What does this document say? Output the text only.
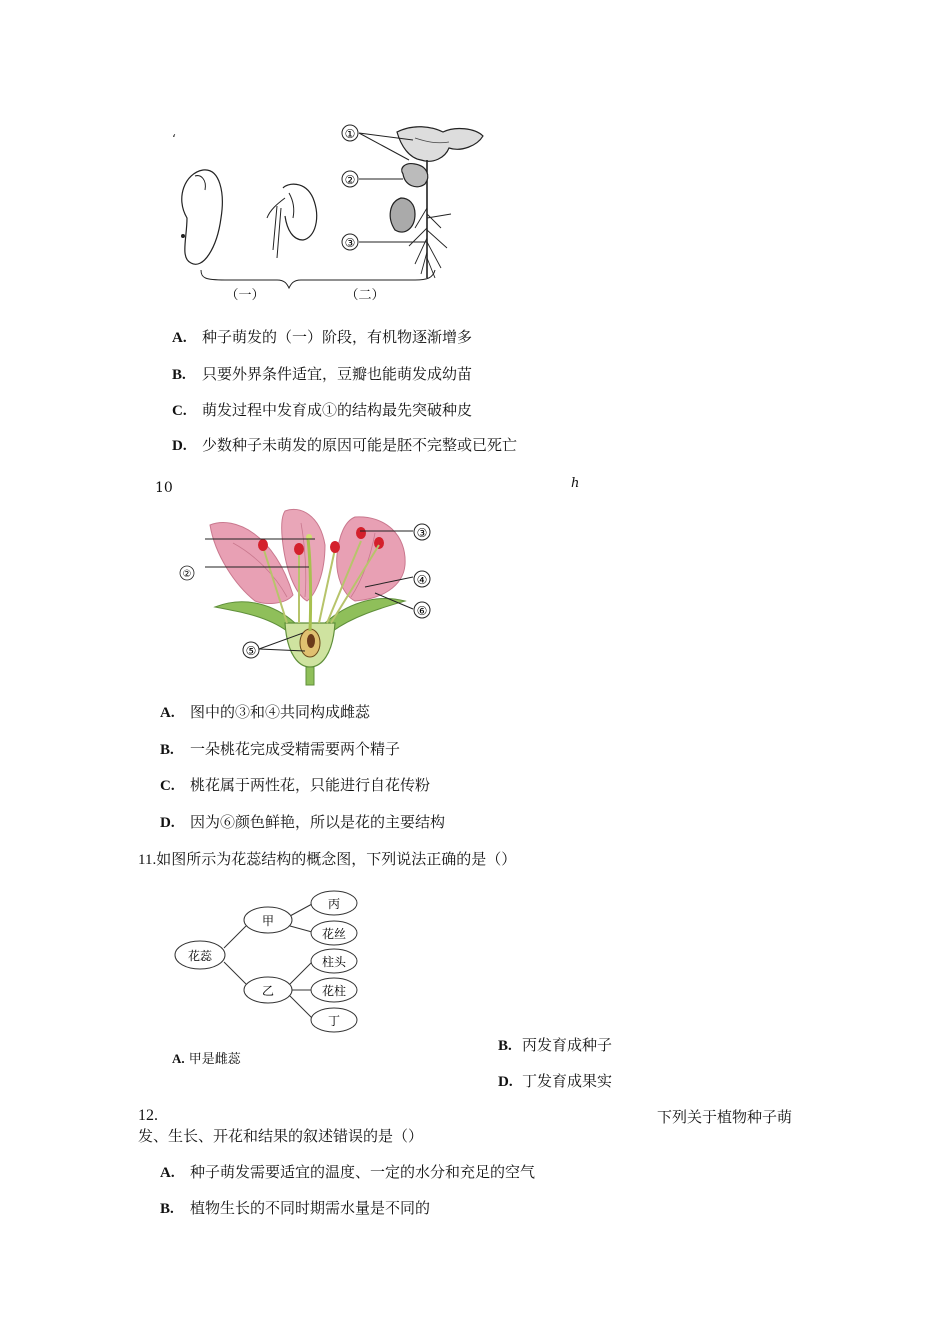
ʻ	①
②
③
（一）	（二）
A. 种子萌发的（一）阶段，有机物逐渐增多
B. 只要外界条件适宜，豆瓣也能萌发成幼苗
C. 萌发过程中发育成①的结构最先突破种皮
D. 少数种子未萌发的原因可能是胚不完整或已死亡
10	h
②
③
④
⑥
⑤
A. 图中的③和④共同构成雌蕊
B. 一朵桃花完成受精需要两个精子
C. 桃花属于两性花，只能进行自花传粉
D. 因为⑥颜色鲜艳，所以是花的主要结构
11.如图所示为花蕊结构的概念图，下列说法正确的是（）
花蕊
甲
乙
丙
花丝
柱头
花柱
丁
A. 甲是雌蕊
B. 丙发育成种子
D. 丁发育成果实
12.	下列关于植物种子萌
发、生长、开花和结果的叙述错误的是（）
A. 种子萌发需要适宜的温度、一定的水分和充足的空气
B. 植物生长的不同时期需水量是不同的
